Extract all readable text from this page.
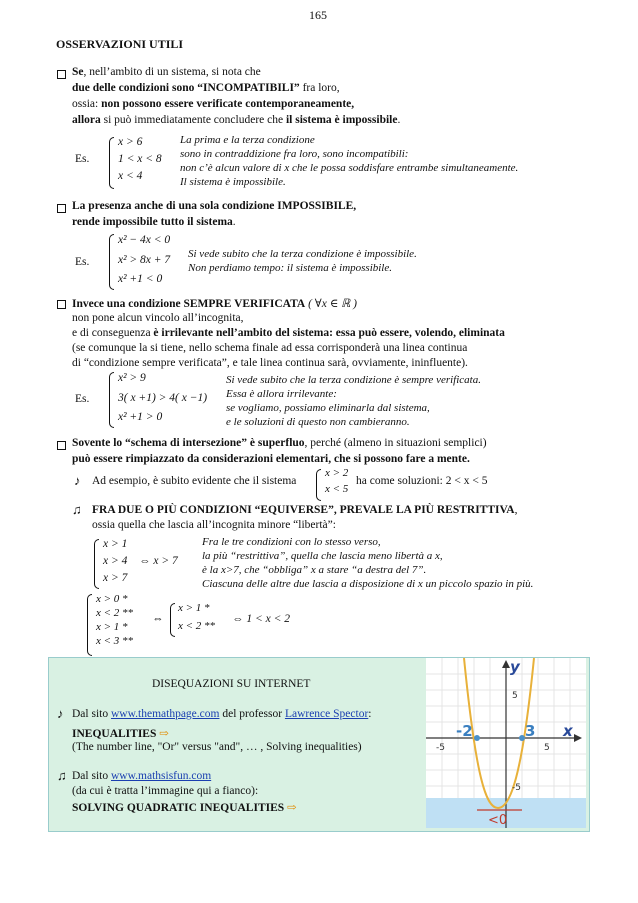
165
OSSERVAZIONI UTILI
Se, nell’ambito di un sistema, si nota che
due delle condizioni sono “INCOMPATIBILI” fra loro,
ossia: non possono essere verificate contemporaneamente,
allora si può immediatamente concludere che il sistema è impossibile.
Es.
x > 6
1 < x < 8
x < 4
La prima e la terza condizione
sono in contraddizione fra loro, sono incompatibili:
non c’è alcun valore di x che le possa soddisfare entrambe simultaneamente.
Il sistema è impossibile.
La presenza anche di una sola condizione IMPOSSIBILE,
rende impossibile tutto il sistema.
Es.
x² − 4x < 0
x² > 8x + 7
x² +1 < 0
Si vede subito che la terza condizione è impossibile.
Non perdiamo tempo: il sistema è impossibile.
Invece una condizione SEMPRE VERIFICATA ( ∀x ∈ ℝ )
non pone alcun vincolo all’incognita,
e di conseguenza è irrilevante nell’ambito del sistema: essa può essere, volendo, eliminata
(se comunque la si tiene, nello schema finale ad essa corrisponderà una linea continua
di “condizione sempre verificata”, e tale linea continua sarà, ovviamente, ininfluente).
Es.
x² > 9
3( x +1) > 4( x −1)
x² +1 > 0
Si vede subito che la terza condizione è sempre verificata.
Essa è allora irrilevante:
se vogliamo, possiamo eliminarla dal sistema,
e le soluzioni di questo non cambieranno.
Sovente lo “schema di intersezione” è superfluo, perché (almeno in situazioni semplici)
può essere rimpiazzato da considerazioni elementari, che si possono fare a mente.
♪ Ad esempio, è subito evidente che il sistema
x > 2
x < 5
ha come soluzioni: 2 < x < 5
♫ FRA DUE O PIÙ CONDIZIONI “EQUIVERSE”, PREVALE LA PIÙ RESTRITTIVA,
ossia quella che lascia all’incognita minore “libertà”:
x > 1
x > 4
x > 7
⇔ x > 7
Fra le tre condizioni con lo stesso verso,
la più “restrittiva”, quella che lascia meno libertà a x,
è la x>7, che “obbliga” x a stare “a destra del 7”.
Ciascuna delle altre due lascia a disposizione di x un piccolo spazio in più.
x > 0 *
x < 2 **
x > 1 *
x < 3 **
⇔
x > 1 *
x < 2 **
⇔ 1 < x < 2
DISEQUAZIONI SU INTERNET
♪ Dal sito www.themathpage.com del professor Lawrence Spector:
INEQUALITIES ⇨
(The number line, "Or" versus "and", … , Solving inequalities)
♫ Dal sito www.mathsisfun.com
(da cui è tratta l’immagine qui a fianco):
SOLVING QUADRATIC INEQUALITIES ⇨
y
x
5
-5
5
-5
-2	3
<0
